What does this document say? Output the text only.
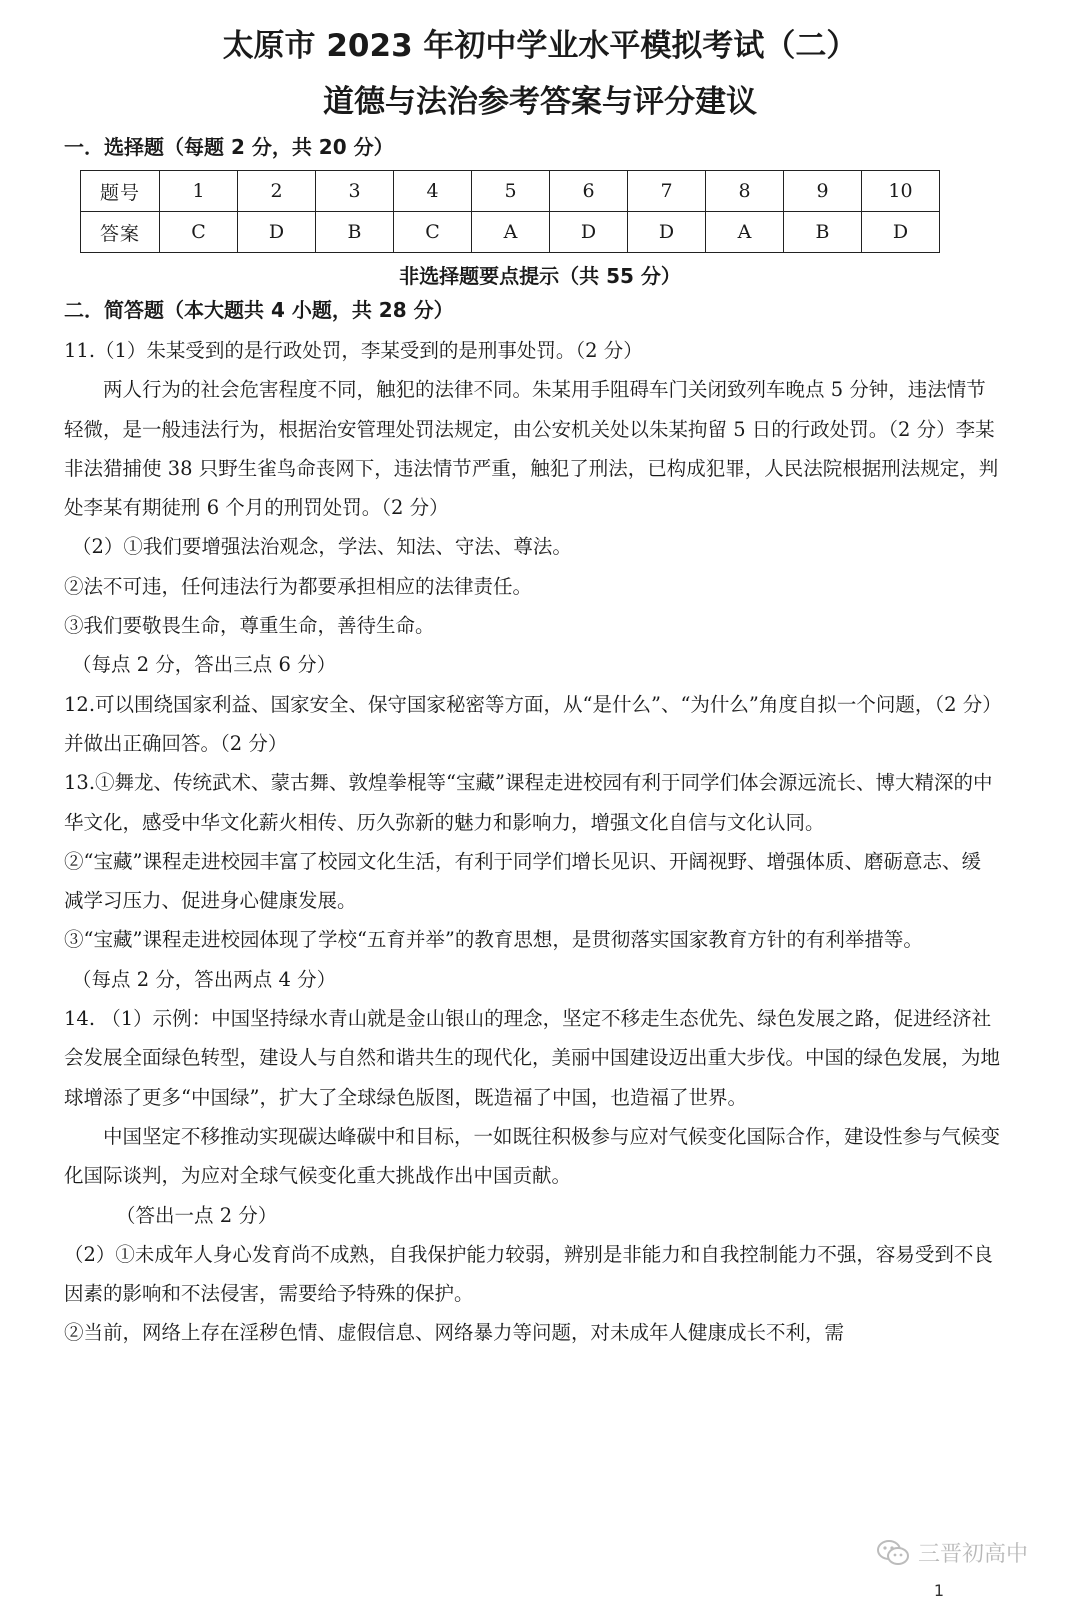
太原市 2023 年初中学业水平模拟考试（二）
道德与法治参考答案与评分建议
一．选择题（每题 2 分，共 20 分）
题号	1	2	3	4	5	6	7	8	9	10
答案	C	D	B	C	A	D	D	A	B	D
非选择题要点提示（共 55 分）
二．简答题（本大题共 4 小题，共 28 分）

11.（1）朱某受到的是行政处罚，李某受到的是刑事处罚。（2 分）

两人行为的社会危害程度不同，触犯的法律不同。朱某用手阻碍车门关闭致列车晚点 5 分钟，违法情节轻微，是一般违法行为，根据治安管理处罚法规定，由公安机关处以朱某拘留 5 日的行政处罚。（2 分）李某非法猎捕使 38 只野生雀鸟命丧网下，违法情节严重，触犯了刑法，已构成犯罪，人民法院根据刑法规定，判处李某有期徒刑 6 个月的刑罚处罚。（2 分）

（2）①我们要增强法治观念，学法、知法、守法、尊法。

②法不可违，任何违法行为都要承担相应的法律责任。

③我们要敬畏生命，尊重生命，善待生命。

（每点 2 分，答出三点 6 分）

12.可以围绕国家利益、国家安全、保守国家秘密等方面，从“是什么”、“为什么”角度自拟一个问题，（2 分）并做出正确回答。（2 分）

13.①舞龙、传统武术、蒙古舞、敦煌拳棍等“宝藏”课程走进校园有利于同学们体会源远流长、博大精深的中华文化，感受中华文化薪火相传、历久弥新的魅力和影响力，增强文化自信与文化认同。

②“宝藏”课程走进校园丰富了校园文化生活，有利于同学们增长见识、开阔视野、增强体质、磨砺意志、缓减学习压力、促进身心健康发展。

③“宝藏”课程走进校园体现了学校“五育并举”的教育思想，是贯彻落实国家教育方针的有利举措等。

（每点 2 分，答出两点 4 分）

14. （1）示例：中国坚持绿水青山就是金山银山的理念，坚定不移走生态优先、绿色发展之路，促进经济社会发展全面绿色转型，建设人与自然和谐共生的现代化，美丽中国建设迈出重大步伐。中国的绿色发展，为地球增添了更多“中国绿”，扩大了全球绿色版图，既造福了中国，也造福了世界。

中国坚定不移推动实现碳达峰碳中和目标，一如既往积极参与应对气候变化国际合作，建设性参与气候变化国际谈判，为应对全球气候变化重大挑战作出中国贡献。

（答出一点 2 分）

（2）①未成年人身心发育尚不成熟，自我保护能力较弱，辨别是非能力和自我控制能力不强，容易受到不良因素的影响和不法侵害，需要给予特殊的保护。

②当前，网络上存在淫秽色情、虚假信息、网络暴力等问题，对未成年人健康成长不利，需

三晋初高中
1
